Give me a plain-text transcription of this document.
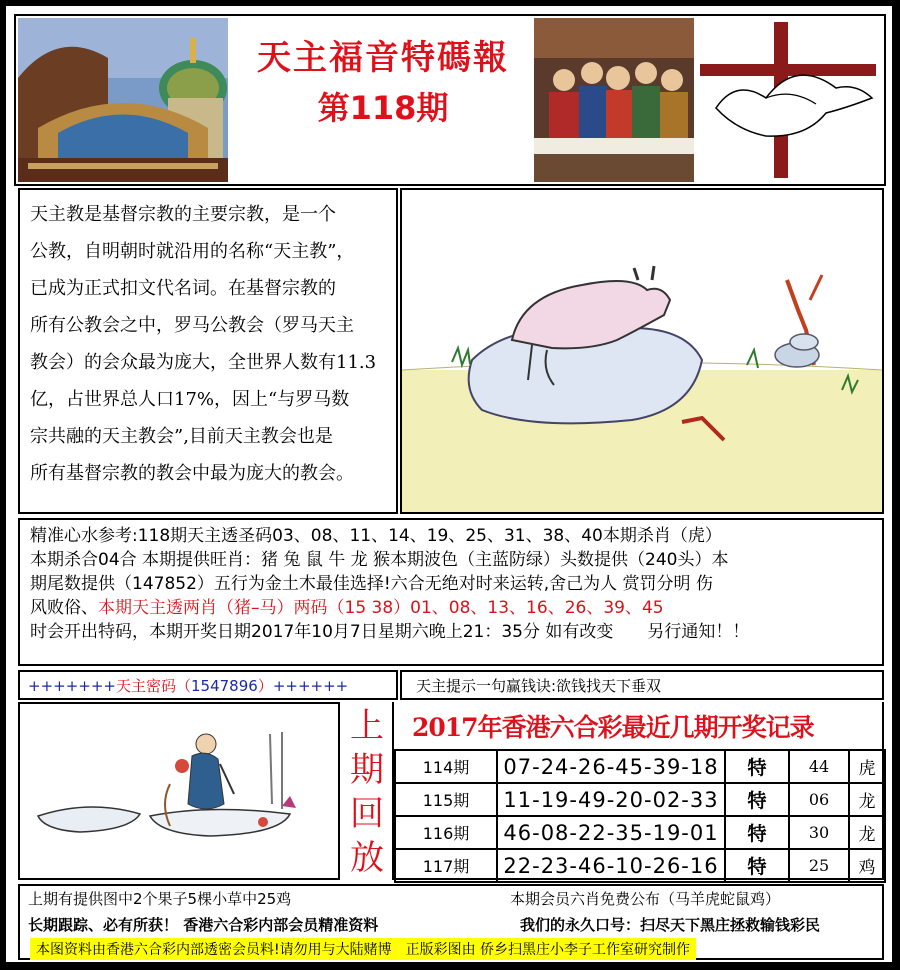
天主福音特碼報
第118期
天主教是基督宗教的主要宗教，是一个
公教，自明朝时就沿用的名称“天主教”，
已成为正式扣文代名词。在基督宗教的
所有公教会之中，罗马公教会（罗马天主
教会）的会众最为庞大，全世界人数有11.3
亿，占世界总人口17%，因上“与罗马数
宗共融的天主教会”,目前天主教会也是
所有基督宗教的教会中最为庞大的教会。
精准心水参考:118期天主透圣码03、08、11、14、19、25、31、38、40本期杀肖（虎）
本期杀合04合 本期提供旺肖：猪 兔 鼠 牛 龙 猴本期波色（主蓝防绿）头数提供（240头）本
期尾数提供（147852）五行为金土木最佳选择!六合无绝对时来运转,舍己为人 赏罚分明 伤
风败俗、本期天主透两肖（猪–马）两码（15 38）01、08、13、16、26、39、45
时会开出特码，本期开奖日期2017年10月7日星期六晚上21：35分 如有改变　　另行通知！！
+++++++天主密码（1547896）++++++	天主提示一句赢钱诀:欲钱找天下垂双
上
期
回
放
2017年香港六合彩最近几期开奖记录
114期	07-24-26-45-39-18	特	44	虎
115期	11-19-49-20-02-33	特	06	龙
116期	46-08-22-35-19-01	特	30	龙
117期	22-23-46-10-26-16	特	25	鸡
上期有提供图中2个果子5棵小草中25鸡	本期会员六肖免费公布（马羊虎蛇鼠鸡）
长期跟踪、必有所获！ 香港六合彩内部会员精准资料	我们的永久口号：扫尽天下黑庄拯救输钱彩民
本图资料由香港六合彩内部透密会员料!请勿用与大陆赌博　正版彩图由 侨乡扫黑庄小李子工作室研究制作
